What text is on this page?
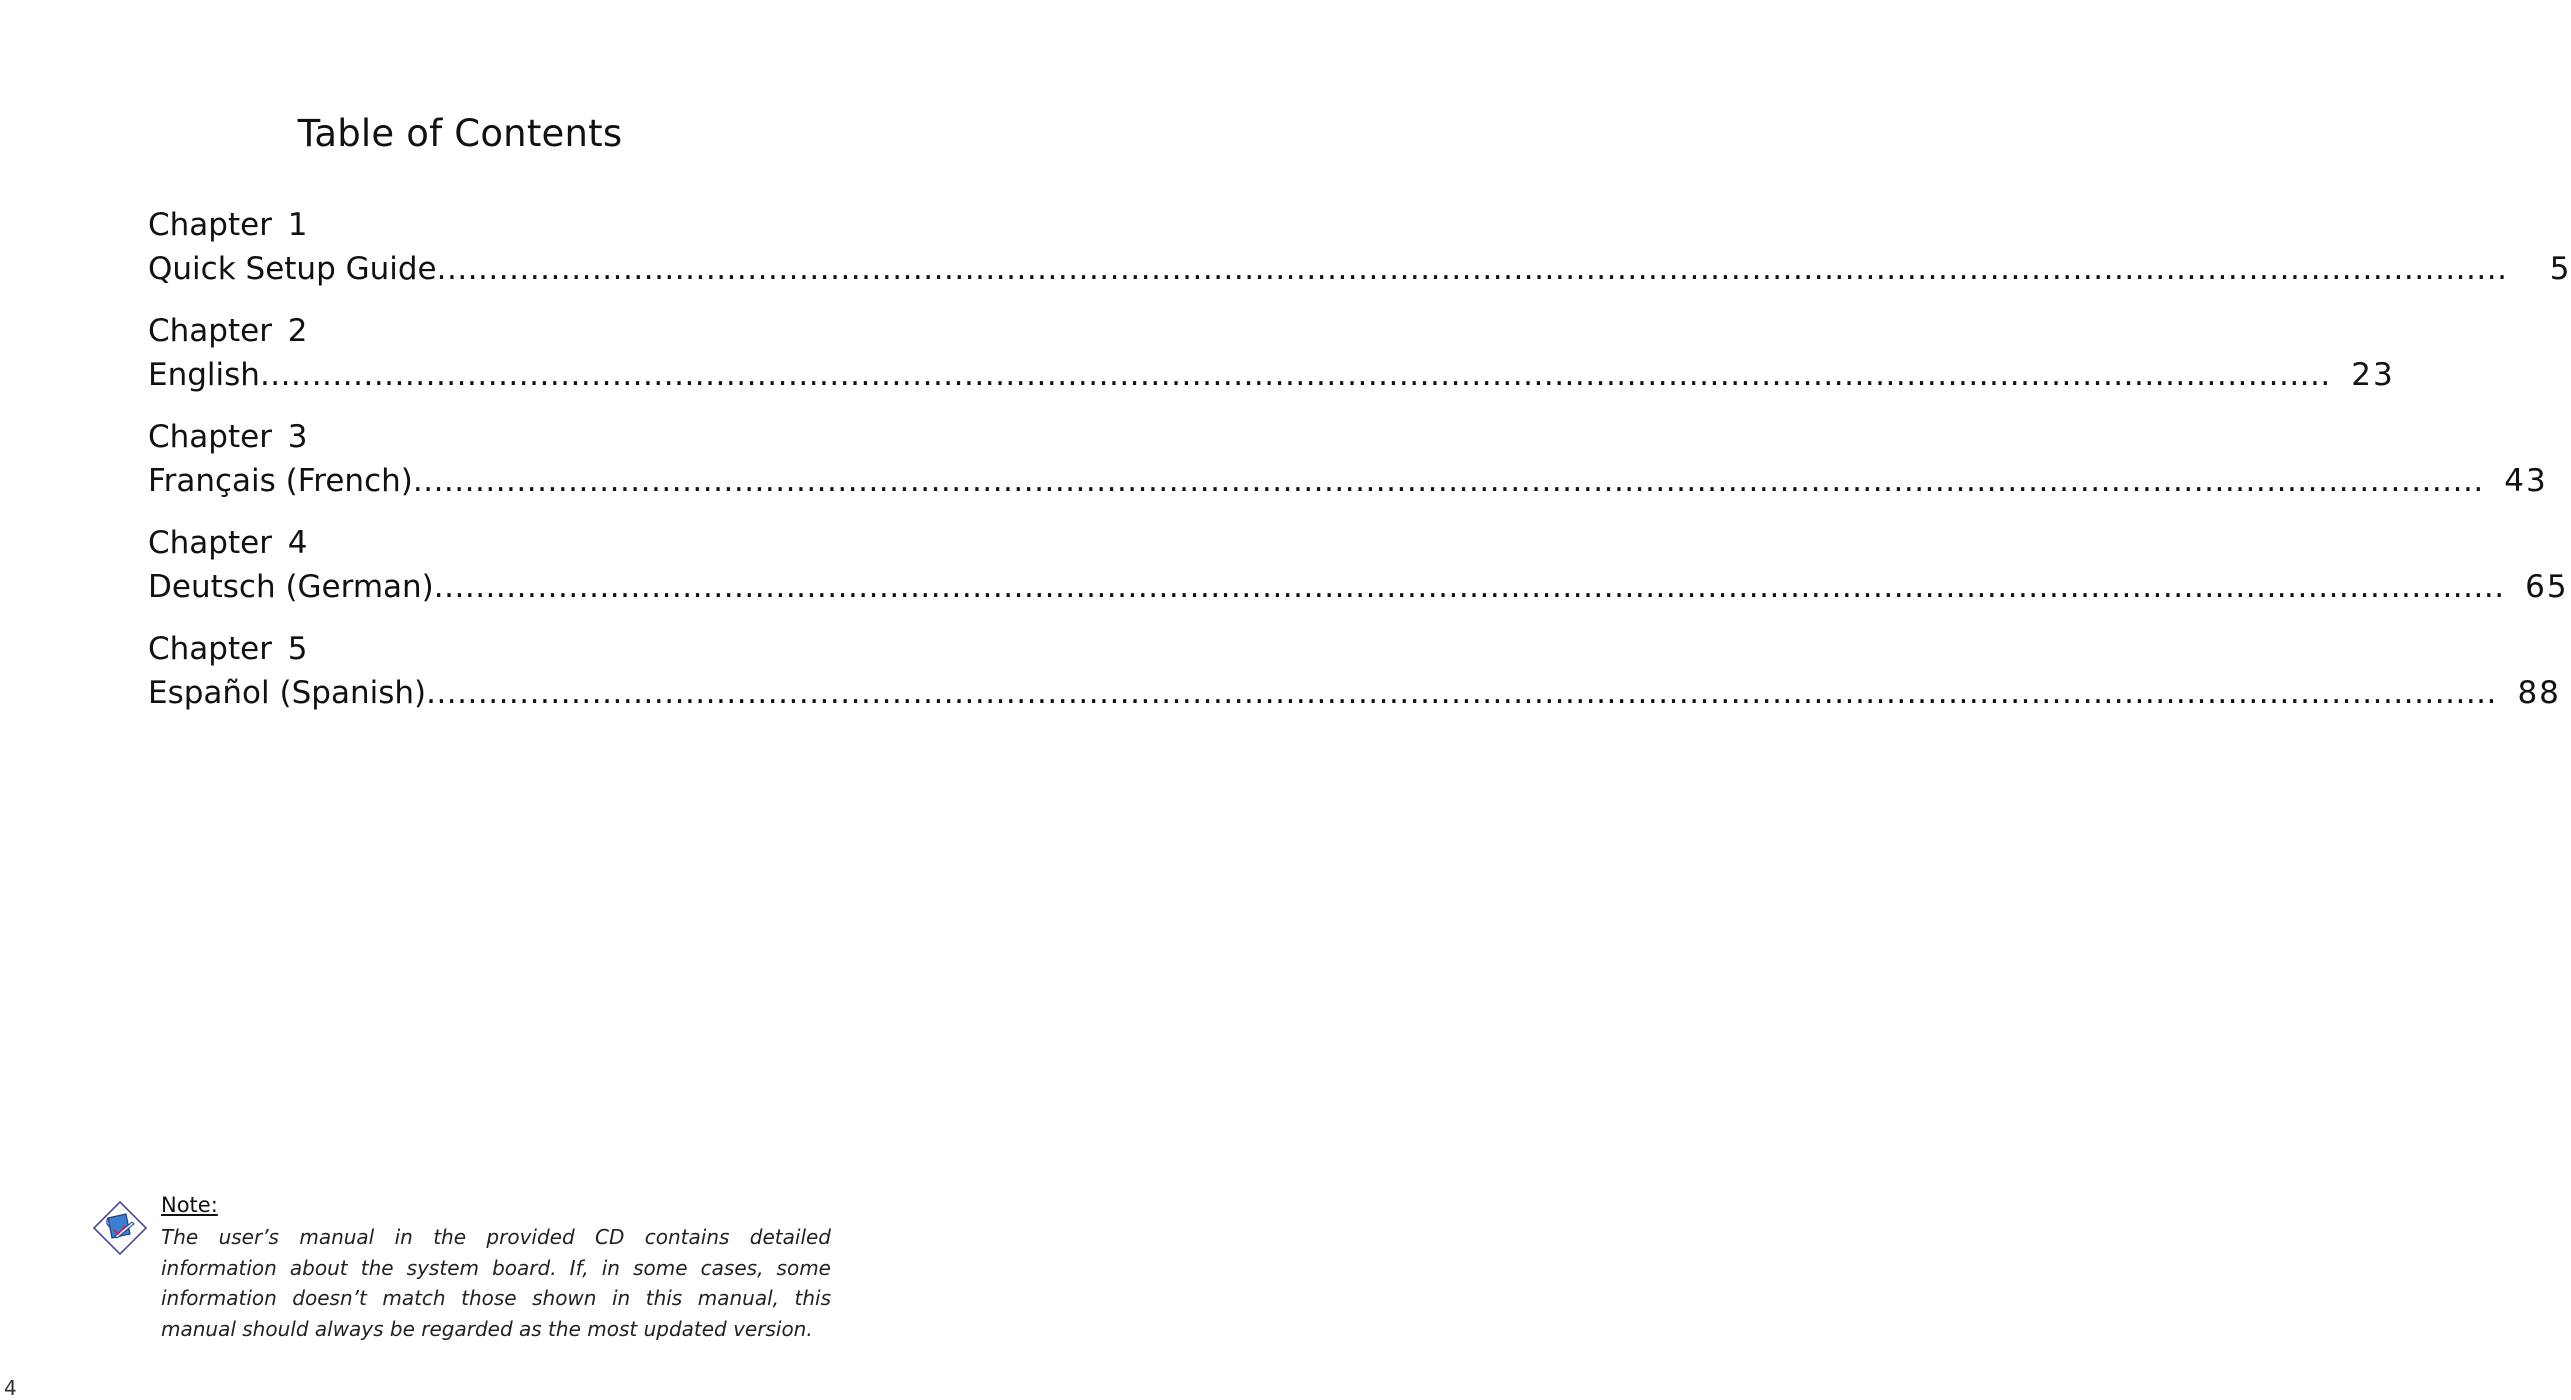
Table of Contents
Chapter 1
Quick Setup Guide ........................................................................................................................................................................................................	5
Chapter 2
English ........................................................................................................................................................................................................ 23
Chapter 3
Français (French) ........................................................................................................................................................................................................ 43
Chapter 4
Deutsch (German) ........................................................................................................................................................................................................ 65
Chapter 5
Español (Spanish) ........................................................................................................................................................................................................ 88

Note:

The user’s manual in the provided CD contains detailed information about the system board. If, in some cases, some information doesn’t match those shown in this manual, this manual should always be regarded as the most updated version.

4
